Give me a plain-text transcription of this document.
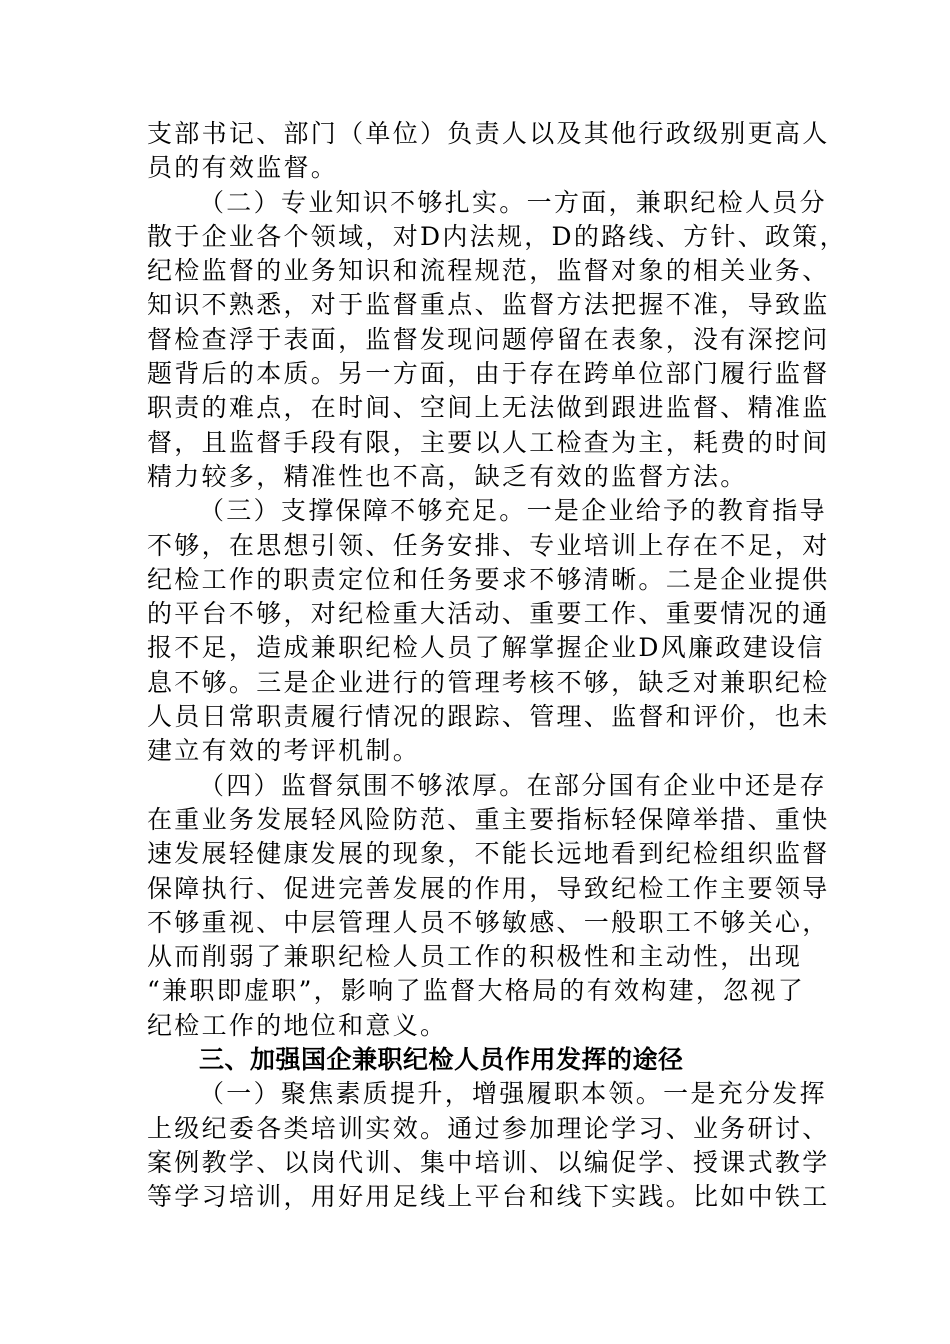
支部书记、部门（单位）负责人以及其他行政级别更高人
员的有效监督。
（二）专业知识不够扎实。一方面，兼职纪检人员分
散于企业各个领域，对D内法规，D的路线、方针、政策，
纪检监督的业务知识和流程规范，监督对象的相关业务、
知识不熟悉，对于监督重点、监督方法把握不准，导致监
督检查浮于表面，监督发现问题停留在表象，没有深挖问
题背后的本质。另一方面，由于存在跨单位部门履行监督
职责的难点，在时间、空间上无法做到跟进监督、精准监
督，且监督手段有限，主要以人工检查为主，耗费的时间
精力较多，精准性也不高，缺乏有效的监督方法。
（三）支撑保障不够充足。一是企业给予的教育指导
不够，在思想引领、任务安排、专业培训上存在不足，对
纪检工作的职责定位和任务要求不够清晰。二是企业提供
的平台不够，对纪检重大活动、重要工作、重要情况的通
报不足，造成兼职纪检人员了解掌握企业D风廉政建设信
息不够。三是企业进行的管理考核不够，缺乏对兼职纪检
人员日常职责履行情况的跟踪、管理、监督和评价，也未
建立有效的考评机制。
（四）监督氛围不够浓厚。在部分国有企业中还是存
在重业务发展轻风险防范、重主要指标轻保障举措、重快
速发展轻健康发展的现象，不能长远地看到纪检组织监督
保障执行、促进完善发展的作用，导致纪检工作主要领导
不够重视、中层管理人员不够敏感、一般职工不够关心，
从而削弱了兼职纪检人员工作的积极性和主动性，出现
“兼职即虚职”，影响了监督大格局的有效构建，忽视了
纪检工作的地位和意义。
三、加强国企兼职纪检人员作用发挥的途径
（一）聚焦素质提升，增强履职本领。一是充分发挥
上级纪委各类培训实效。通过参加理论学习、业务研讨、
案例教学、以岗代训、集中培训、以编促学、授课式教学
等学习培训，用好用足线上平台和线下实践。比如中铁工
